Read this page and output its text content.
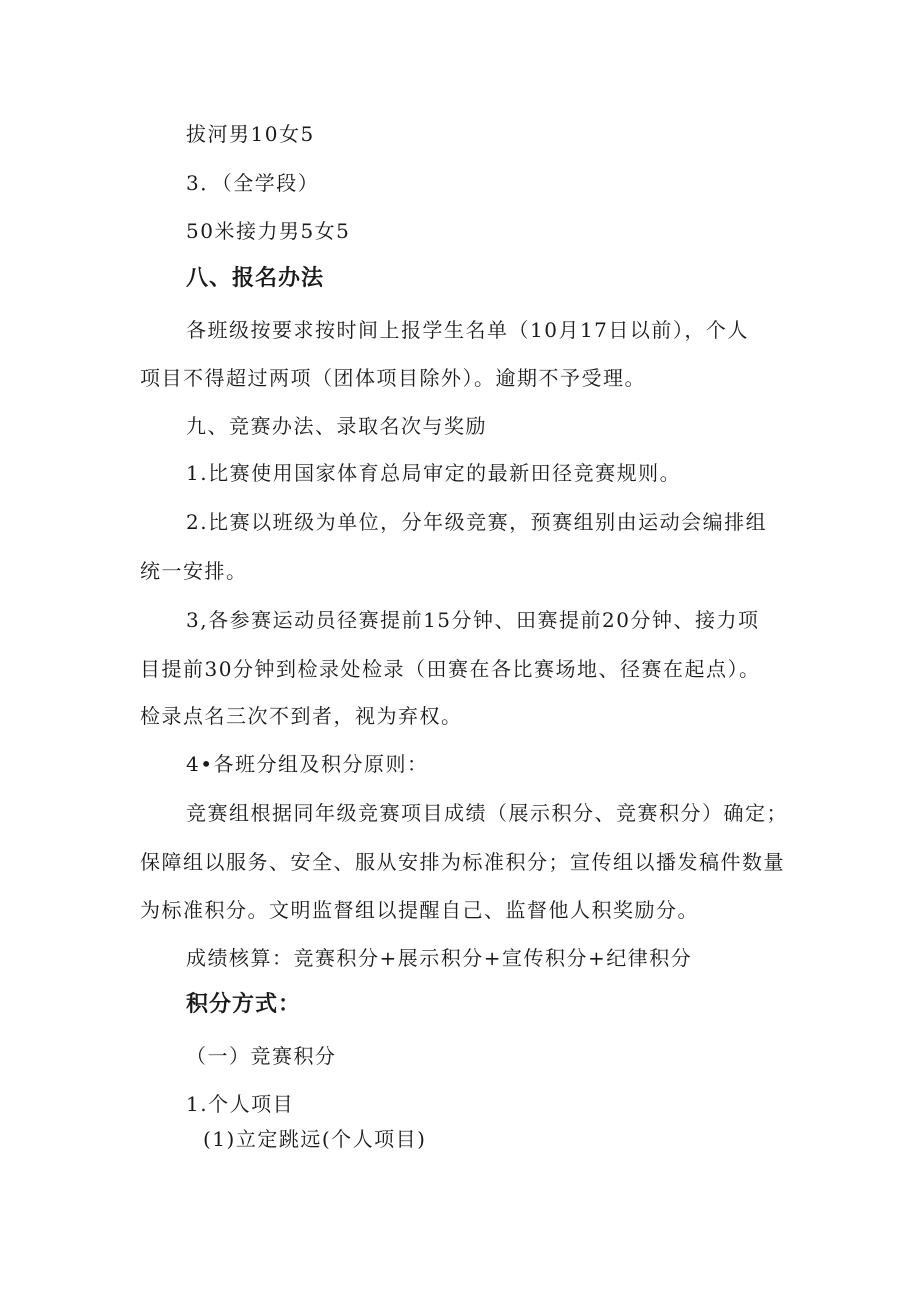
拔河男10女5
3．（全学段）
50米接力男5女5
八、报名办法
各班级按要求按时间上报学生名单（10月17日以前），个人
项目不得超过两项（团体项目除外）。逾期不予受理。
九、竞赛办法、录取名次与奖励
1.比赛使用国家体育总局审定的最新田径竞赛规则。
2.比赛以班级为单位，分年级竞赛，预赛组别由运动会编排组
统一安排。
3,各参赛运动员径赛提前15分钟、田赛提前20分钟、接力项
目提前30分钟到检录处检录（田赛在各比赛场地、径赛在起点）。
检录点名三次不到者，视为弃权。
4•各班分组及积分原则：
竞赛组根据同年级竞赛项目成绩（展示积分、竞赛积分）确定；
保障组以服务、安全、服从安排为标准积分；宣传组以播发稿件数量
为标准积分。文明监督组以提醒自己、监督他人积奖励分。
成绩核算：竞赛积分+展示积分+宣传积分+纪律积分
积分方式：
（一）竞赛积分
1.个人项目
(1)立定跳远(个人项目)
